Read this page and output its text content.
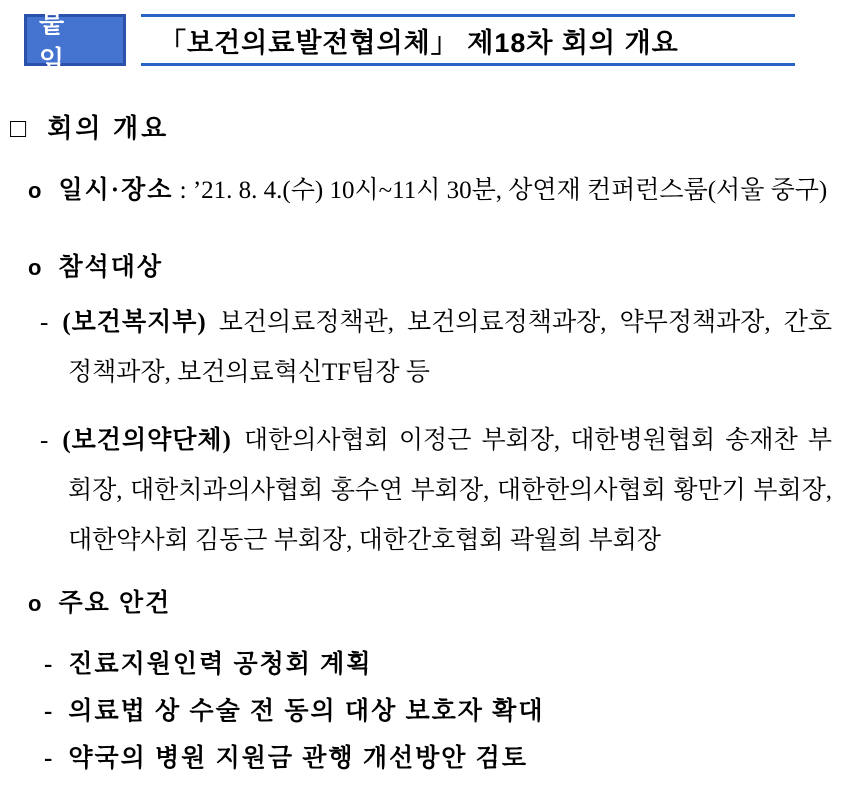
붙 임
「보건의료발전협의체」 제18차 회의 개요
□ 회의 개요
o 일시·장소 : ’21. 8. 4.(수) 10시~11시 30분, 상연재 컨퍼런스룸(서울 중구)
o 참석대상
- (보건복지부) 보건의료정책관, 보건의료정책과장, 약무정책과장, 간호정책과장, 보건의료혁신TF팀장 등
- (보건의약단체) 대한의사협회 이정근 부회장, 대한병원협회 송재찬 부회장, 대한치과의사협회 홍수연 부회장, 대한한의사협회 황만기 부회장, 대한약사회 김동근 부회장, 대한간호협회 곽월희 부회장
o 주요 안건
- 진료지원인력 공청회 계획
- 의료법 상 수술 전 동의 대상 보호자 확대
- 약국의 병원 지원금 관행 개선방안 검토
